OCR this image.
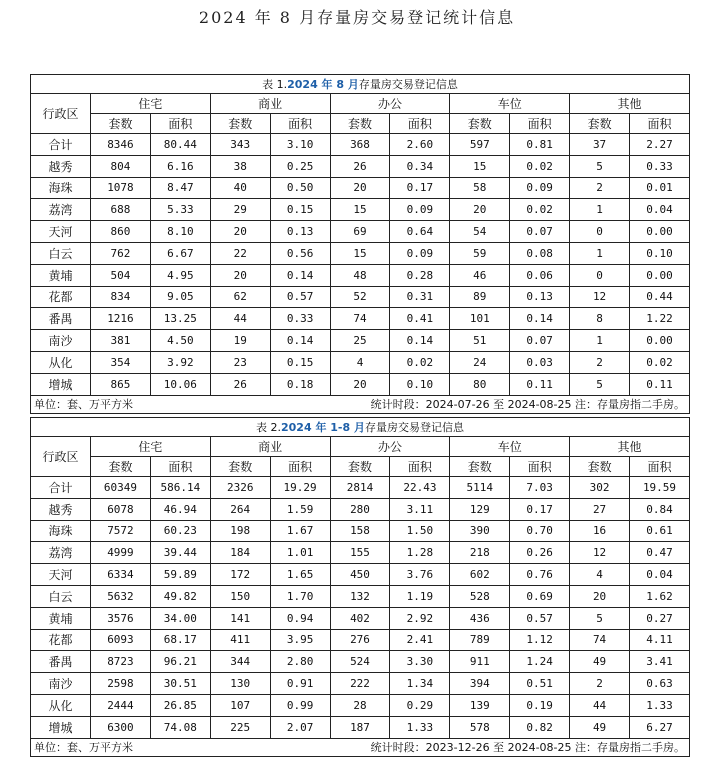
2024 年 8 月存量房交易登记统计信息
表 1.2024 年 8 月存量房交易登记信息
行政区	住宅		商业		办公		车位		其他	
	套数	面积	套数	面积	套数	面积	套数	面积	套数	面积
合计	8346	80.44	343	3.10	368	2.60	597	0.81	37	2.27
越秀	804	6.16	38	0.25	26	0.34	15	0.02	5	0.33
海珠	1078	8.47	40	0.50	20	0.17	58	0.09	2	0.01
荔湾	688	5.33	29	0.15	15	0.09	20	0.02	1	0.04
天河	860	8.10	20	0.13	69	0.64	54	0.07	0	0.00
白云	762	6.67	22	0.56	15	0.09	59	0.08	1	0.10
黄埔	504	4.95	20	0.14	48	0.28	46	0.06	0	0.00
花都	834	9.05	62	0.57	52	0.31	89	0.13	12	0.44
番禺	1216	13.25	44	0.33	74	0.41	101	0.14	8	1.22
南沙	381	4.50	19	0.14	25	0.14	51	0.07	1	0.00
从化	354	3.92	23	0.15	4	0.02	24	0.03	2	0.02
增城	865	10.06	26	0.18	20	0.10	80	0.11	5	0.11
单位：套、万平方米	统计时段：2024-07-26 至 2024-08-25 注：存量房指二手房。
表 2.2024 年 1-8 月存量房交易登记信息
行政区	住宅		商业		办公		车位		其他	
	套数	面积	套数	面积	套数	面积	套数	面积	套数	面积
合计	60349	586.14	2326	19.29	2814	22.43	5114	7.03	302	19.59
越秀	6078	46.94	264	1.59	280	3.11	129	0.17	27	0.84
海珠	7572	60.23	198	1.67	158	1.50	390	0.70	16	0.61
荔湾	4999	39.44	184	1.01	155	1.28	218	0.26	12	0.47
天河	6334	59.89	172	1.65	450	3.76	602	0.76	4	0.04
白云	5632	49.82	150	1.70	132	1.19	528	0.69	20	1.62
黄埔	3576	34.00	141	0.94	402	2.92	436	0.57	5	0.27
花都	6093	68.17	411	3.95	276	2.41	789	1.12	74	4.11
番禺	8723	96.21	344	2.80	524	3.30	911	1.24	49	3.41
南沙	2598	30.51	130	0.91	222	1.34	394	0.51	2	0.63
从化	2444	26.85	107	0.99	28	0.29	139	0.19	44	1.33
增城	6300	74.08	225	2.07	187	1.33	578	0.82	49	6.27
单位：套、万平方米	统计时段：2023-12-26 至 2024-08-25 注：存量房指二手房。
